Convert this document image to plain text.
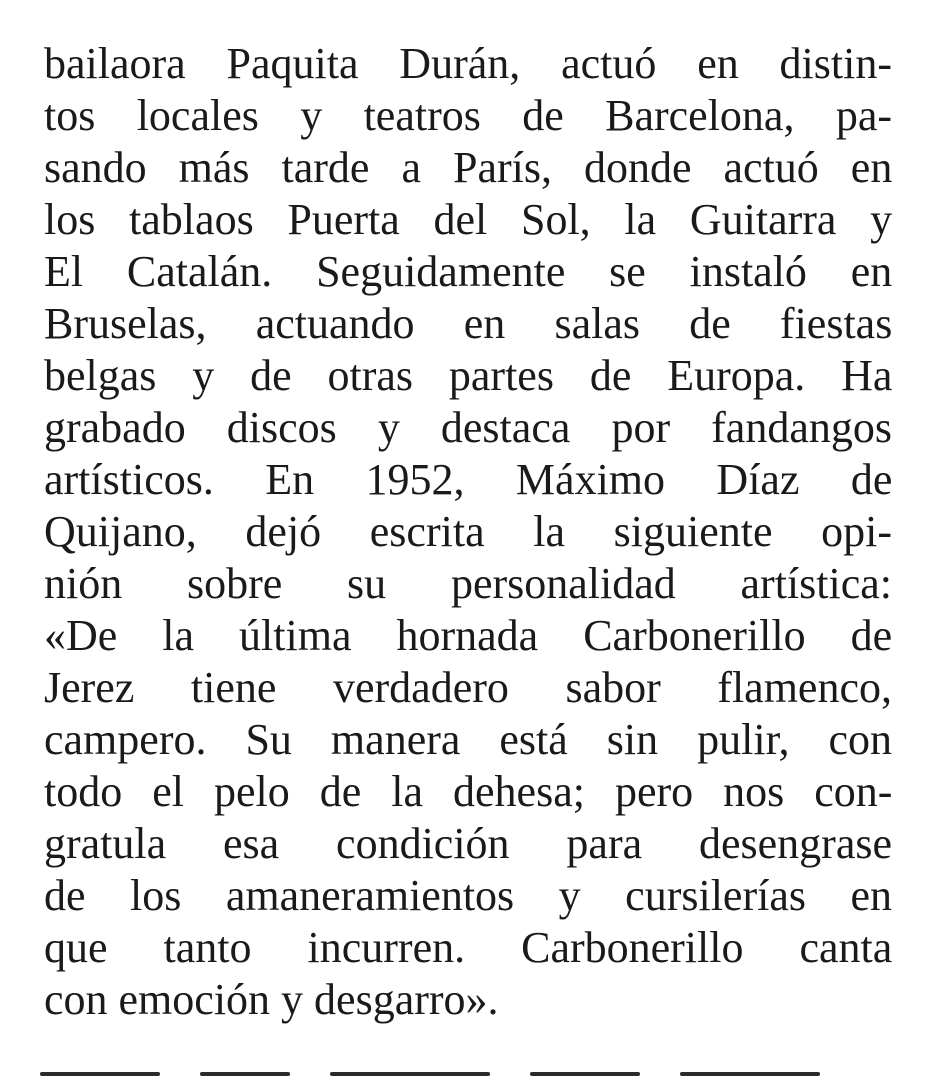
bailaora Paquita Durán, actuó en distin-
tos locales y teatros de Barcelona, pa-
sando más tarde a París, donde actuó en
los tablaos Puerta del Sol, la Guitarra y
El Catalán. Seguidamente se instaló en
Bruselas, actuando en salas de fiestas
belgas y de otras partes de Europa. Ha
grabado discos y destaca por fandangos
artísticos. En 1952, Máximo Díaz de
Quijano, dejó escrita la siguiente opi-
nión sobre su personalidad artística:
«De la última hornada Carbonerillo de
Jerez tiene verdadero sabor flamenco,
campero. Su manera está sin pulir, con
todo el pelo de la dehesa; pero nos con-
gratula esa condición para desengrase
de los amaneramientos y cursilerías en
que tanto incurren. Carbonerillo canta
con emoción y desgarro».
